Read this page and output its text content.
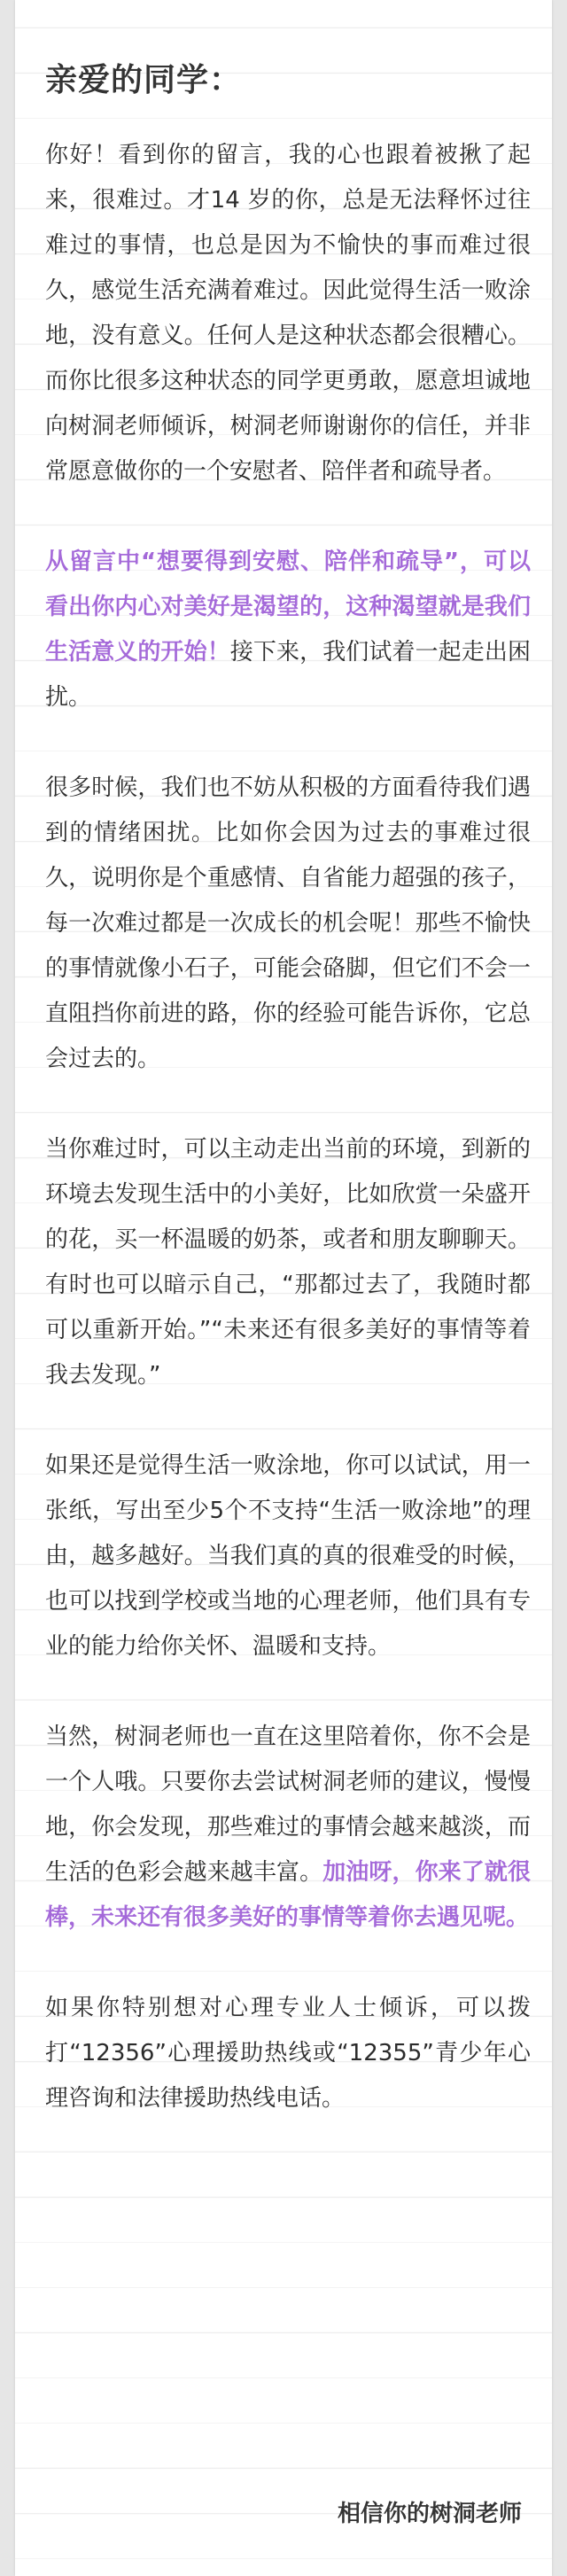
亲爱的同学：

你好！看到你的留言，我的心也跟着被揪了起来，很难过。才14 岁的你，总是无法释怀过往难过的事情，也总是因为不愉快的事而难过很久，感觉生活充满着难过。因此觉得生活一败涂地，没有意义。任何人是这种状态都会很糟心。而你比很多这种状态的同学更勇敢，愿意坦诚地向树洞老师倾诉，树洞老师谢谢你的信任，并非常愿意做你的一个安慰者、陪伴者和疏导者。

从留言中“想要得到安慰、陪伴和疏导”，可以看出你内心对美好是渴望的，这种渴望就是我们生活意义的开始！接下来，我们试着一起走出困扰。

很多时候，我们也不妨从积极的方面看待我们遇到的情绪困扰。比如你会因为过去的事难过很久，说明你是个重感情、自省能力超强的孩子，每一次难过都是一次成长的机会呢！那些不愉快的事情就像小石子，可能会硌脚，但它们不会一直阻挡你前进的路，你的经验可能告诉你，它总会过去的。

当你难过时，可以主动走出当前的环境，到新的环境去发现生活中的小美好，比如欣赏一朵盛开的花，买一杯温暖的奶茶，或者和朋友聊聊天。有时也可以暗示自己，“那都过去了，我随时都可以重新开始。”“未来还有很多美好的事情等着我去发现。”

如果还是觉得生活一败涂地，你可以试试，用一张纸，写出至少5个不支持“生活一败涂地”的理由，越多越好。当我们真的真的很难受的时候，也可以找到学校或当地的心理老师，他们具有专业的能力给你关怀、温暖和支持。

当然，树洞老师也一直在这里陪着你，你不会是一个人哦。只要你去尝试树洞老师的建议，慢慢地，你会发现，那些难过的事情会越来越淡，而生活的色彩会越来越丰富。加油呀，你来了就很棒，未来还有很多美好的事情等着你去遇见呢。

如果你特别想对心理专业人士倾诉，可以拨打“12356”心理援助热线或“12355”青少年心理咨询和法律援助热线电话。

相信你的树洞老师
